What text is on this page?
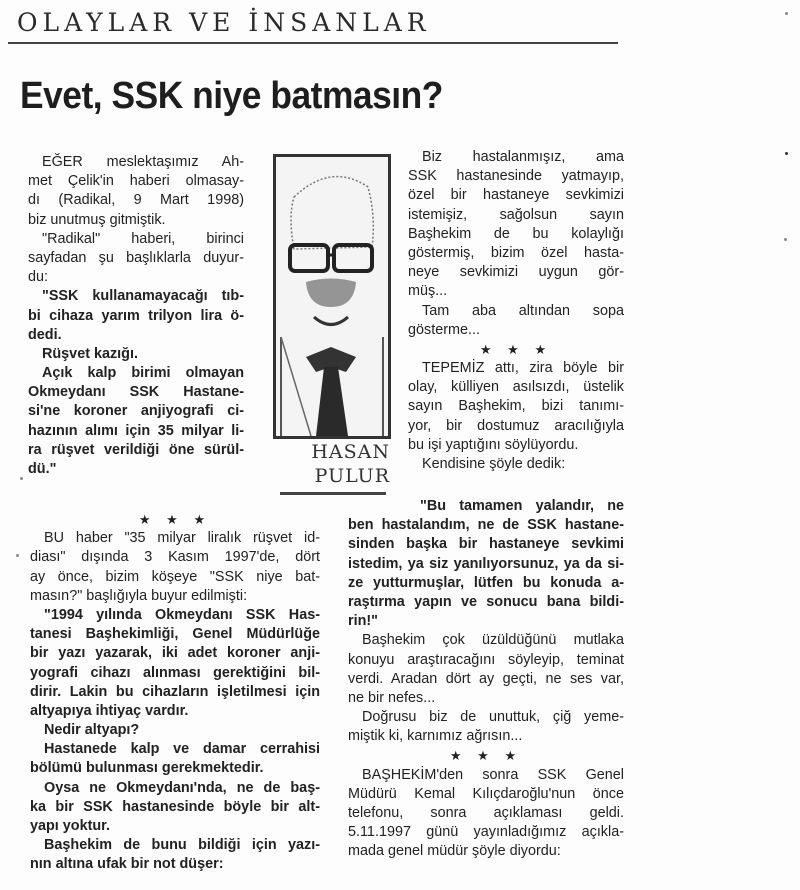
OLAYLAR VE İNSANLAR
Evet, SSK niye batmasın?
EĞER meslektaşımız Ah-
met Çelik'in haberi olmasay-
dı (Radikal, 9 Mart 1998)
biz unutmuş gitmiştik.
"Radikal" haberi, birinci
sayfadan şu başlıklarla duyur-
du:
"SSK kullanamayacağı tıb-
bi cihaza yarım trilyon lira ö-
dedi.
Rüşvet kazığı.
Açık kalp birimi olmayan
Okmeydanı SSK Hastane-
si'ne koroner anjiyografi ci-
hazının alımı için 35 milyar li-
ra rüşvet verildiği öne sürül-
dü."
★ ★ ★
BU haber "35 milyar liralık rüşvet id-
diası" dışında 3 Kasım 1997'de, dört
ay önce, bizim köşeye "SSK niye bat-
masın?" başlığıyla buyur edilmişti:
"1994 yılında Okmeydanı SSK Has-
tanesi Başhekimliği, Genel Müdürlüğe
bir yazı yazarak, iki adet koroner anji-
yografi cihazı alınması gerektiğini bil-
dirir. Lakin bu cihazların işletilmesi için
altyapıya ihtiyaç vardır.
Nedir altyapı?
Hastanede kalp ve damar cerrahisi
bölümü bulunması gerekmektedir.
Oysa ne Okmeydanı'nda, ne de baş-
ka bir SSK hastanesinde böyle bir alt-
yapı yoktur.
Başhekim de bunu bildiği için yazı-
nın altına ufak bir not düşer:
Biz hastalanmışız, ama
SSK hastanesinde yatmayıp,
özel bir hastaneye sevkimizi
istemişiz, sağolsun sayın
Başhekim de bu kolaylığı
göstermiş, bizim özel hasta-
neye sevkimizi uygun gör-
müş...
Tam aba altından sopa
gösterme...
★ ★ ★
TEPEMİZ attı, zira böyle bir
olay, külliyen asılsızdı, üstelik
sayın Başhekim, bizi tanımı-
yor, bir dostumuz aracılığıyla
bu işi yaptığını söylüyordu.
Kendisine şöyle dedik:
"Bu tamamen yalandır, ne
ben hastalandım, ne de SSK hastane-
sinden başka bir hastaneye sevkimi
istedim, ya siz yanılıyorsunuz, ya da si-
ze yutturmuşlar, lütfen bu konuda a-
raştırma yapın ve sonucu bana bildi-
rin!"
Başhekim çok üzüldüğünü mutlaka
konuyu araştıracağını söyleyip, teminat
verdi. Aradan dört ay geçti, ne ses var,
ne bir nefes...
Doğrusu biz de unuttuk, çiğ yeme-
miştik ki, karnımız ağrısın...
★ ★ ★
BAŞHEKİM'den sonra SSK Genel
Müdürü Kemal Kılıçdaroğlu'nun önce
telefonu, sonra açıklaması geldi.
5.11.1997 günü yayınladığımız açıkla-
mada genel müdür şöyle diyordu:
HASAN
PULUR
